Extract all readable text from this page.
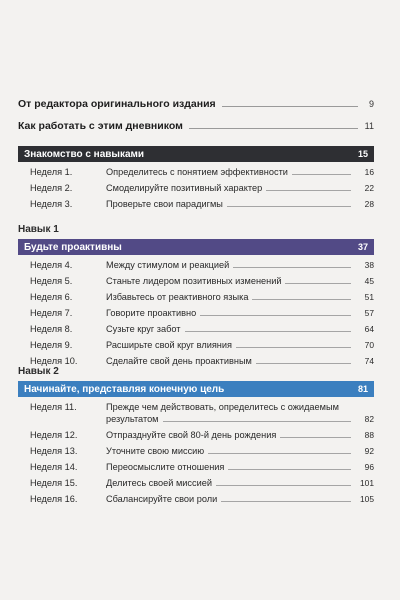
От редактора оригинального издания	9
Как работать с этим дневником	11
Знакомство с навыками	15
Неделя 1.	Определитесь с понятием эффективности	16
Неделя 2.	Смоделируйте позитивный характер	22
Неделя 3.	Проверьте свои парадигмы	28
Навык 1
Будьте проактивны	37
Неделя 4.	Между стимулом и реакцией	38
Неделя 5.	Станьте лидером позитивных изменений	45
Неделя 6.	Избавьтесь от реактивного языка	51
Неделя 7.	Говорите проактивно	57
Неделя 8.	Сузьте круг забот	64
Неделя 9.	Расширьте свой круг влияния	70
Неделя 10.	Сделайте свой день проактивным	74
Навык 2
Начинайте, представляя конечную цель	81
Неделя 11.	Прежде чем действовать, определитесь с ожидаемым
результатом	82
Неделя 12.	Отпразднуйте свой 80-й день рождения	88
Неделя 13.	Уточните свою миссию	92
Неделя 14.	Переосмыслите отношения	96
Неделя 15.	Делитесь своей миссией	101
Неделя 16.	Сбалансируйте свои роли	105
